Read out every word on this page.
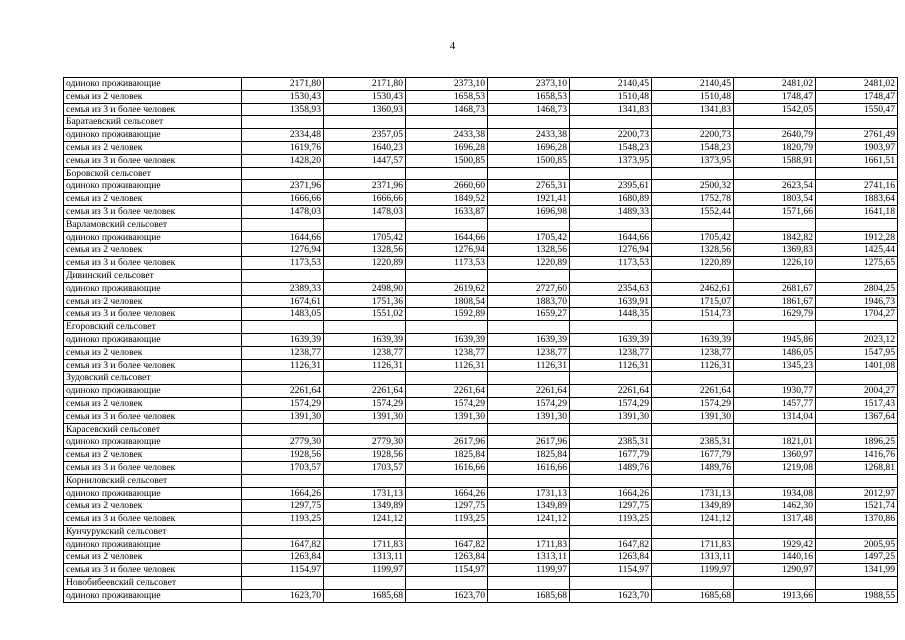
4
одиноко проживающие	2171,80	2171,80	2373,10	2373,10	2140,45	2140,45	2481,02	2481,02
семья из 2 человек	1530,43	1530,43	1658,53	1658,53	1510,48	1510,48	1748,47	1748,47
семья из 3 и более человек	1358,93	1360,93	1468,73	1468,73	1341,83	1341,83	1542,05	1550,47
Баратаевский сельсовет								
одиноко проживающие	2334,48	2357,05	2433,38	2433,38	2200,73	2200,73	2640,79	2761,49
семья из 2 человек	1619,76	1640,23	1696,28	1696,28	1548,23	1548,23	1820,79	1903,97
семья из 3 и более человек	1428,20	1447,57	1500,85	1500,85	1373,95	1373,95	1588,91	1661,51
Боровской сельсовет								
одиноко проживающие	2371,96	2371,96	2660,60	2765,31	2395,61	2500,32	2623,54	2741,16
семья из 2 человек	1666,66	1666,66	1849,52	1921,41	1680,89	1752,78	1803,54	1883,64
семья из 3 и более человек	1478,03	1478,03	1633,87	1696,98	1489,33	1552,44	1571,66	1641,18
Варламовский сельсовет								
одиноко проживающие	1644,66	1705,42	1644,66	1705,42	1644,66	1705,42	1842,82	1912,28
семья из 2 человек	1276,94	1328,56	1276,94	1328,56	1276,94	1328,56	1369,83	1425,44
семья из 3 и более человек	1173,53	1220,89	1173,53	1220,89	1173,53	1220,89	1226,10	1275,65
Дивинский сельсовет								
одиноко проживающие	2389,33	2498,90	2619,62	2727,60	2354,63	2462,61	2681,67	2804,25
семья из 2 человек	1674,61	1751,36	1808,54	1883,70	1639,91	1715,07	1861,67	1946,73
семья из 3 и более человек	1483,05	1551,02	1592,89	1659,27	1448,35	1514,73	1629,79	1704,27
Егоровский сельсовет								
одиноко проживающие	1639,39	1639,39	1639,39	1639,39	1639,39	1639,39	1945,86	2023,12
семья из 2 человек	1238,77	1238,77	1238,77	1238,77	1238,77	1238,77	1486,05	1547,95
семья из 3 и более человек	1126,31	1126,31	1126,31	1126,31	1126,31	1126,31	1345,23	1401,08
Зудовский сельсовет								
одиноко проживающие	2261,64	2261,64	2261,64	2261,64	2261,64	2261,64	1930,77	2004,27
семья из 2 человек	1574,29	1574,29	1574,29	1574,29	1574,29	1574,29	1457,77	1517,43
семья из 3 и более человек	1391,30	1391,30	1391,30	1391,30	1391,30	1391,30	1314,04	1367,64
Карасевский сельсовет								
одиноко проживающие	2779,30	2779,30	2617,96	2617,96	2385,31	2385,31	1821,01	1896,25
семья из 2 человек	1928,56	1928,56	1825,84	1825,84	1677,79	1677,79	1360,97	1416,76
семья из 3 и более человек	1703,57	1703,57	1616,66	1616,66	1489,76	1489,76	1219,08	1268,81
Корниловский сельсовет								
одиноко проживающие	1664,26	1731,13	1664,26	1731,13	1664,26	1731,13	1934,08	2012,97
семья из 2 человек	1297,75	1349,89	1297,75	1349,89	1297,75	1349,89	1462,30	1521,74
семья из 3 и более человек	1193,25	1241,12	1193,25	1241,12	1193,25	1241,12	1317,48	1370,86
Кунчурукский сельсовет								
одиноко проживающие	1647,82	1711,83	1647,82	1711,83	1647,82	1711,83	1929,42	2005,95
семья из 2 человек	1263,84	1313,11	1263,84	1313,11	1263,84	1313,11	1440,16	1497,25
семья из 3 и более человек	1154,97	1199,97	1154,97	1199,97	1154,97	1199,97	1290,97	1341,99
Новобибеевский сельсовет								
одиноко проживающие	1623,70	1685,68	1623,70	1685,68	1623,70	1685,68	1913,66	1988,55
